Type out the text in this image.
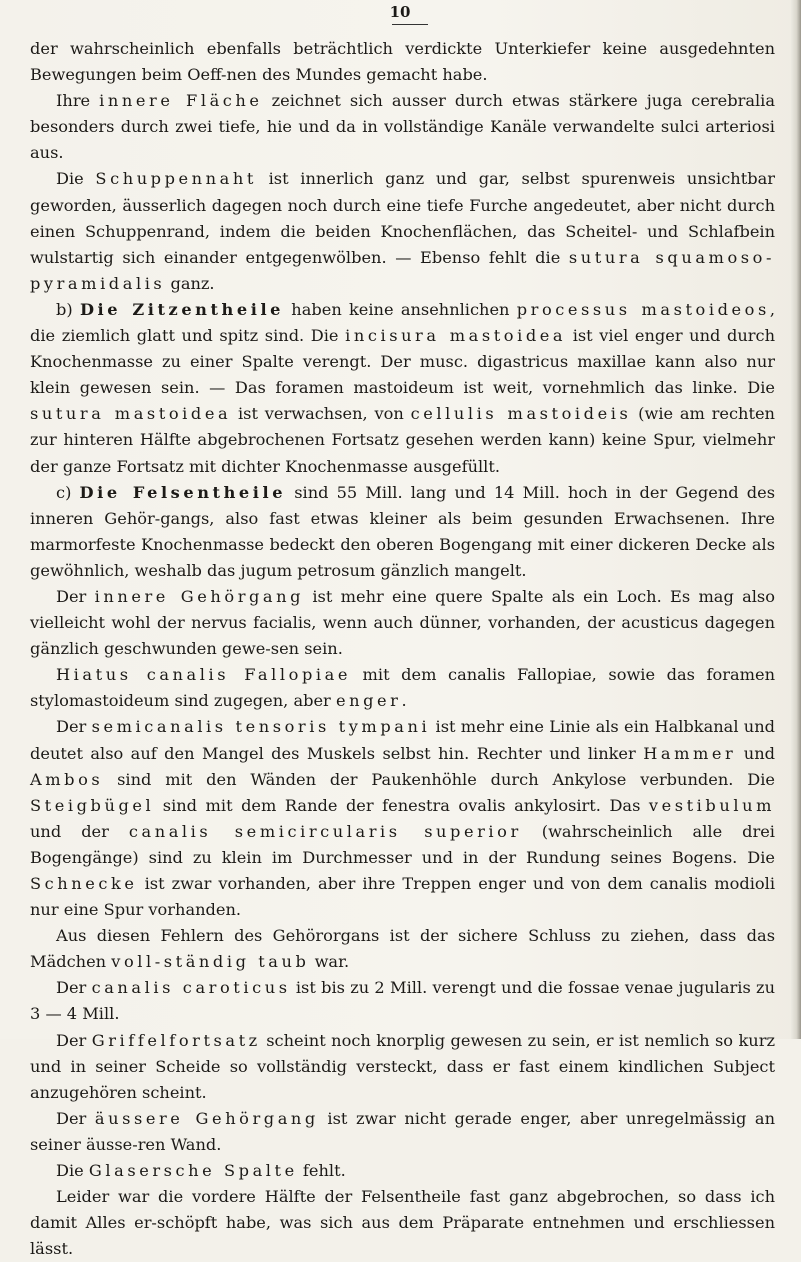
10

der wahrscheinlich ebenfalls beträchtlich verdickte Unterkiefer keine ausgedehnten Bewegungen beim Oeff-nen des Mundes gemacht habe.

Ihre innere Fläche zeichnet sich ausser durch etwas stärkere juga cerebralia besonders durch zwei tiefe, hie und da in vollständige Kanäle verwandelte sulci arteriosi aus.

Die Schuppennaht ist innerlich ganz und gar, selbst spurenweis unsichtbar geworden, äusserlich dagegen noch durch eine tiefe Furche angedeutet, aber nicht durch einen Schuppenrand, indem die beiden Knochenflächen, das Scheitel- und Schlafbein wulstartig sich einander entgegenwölben. — Ebenso fehlt die sutura squamoso-pyramidalis ganz.

b) Die Zitzentheile haben keine ansehnlichen processus mastoideos, die ziemlich glatt und spitz sind. Die incisura mastoidea ist viel enger und durch Knochenmasse zu einer Spalte verengt. Der musc. digastricus maxillae kann also nur klein gewesen sein. — Das foramen mastoideum ist weit, vornehmlich das linke. Die sutura mastoidea ist verwachsen, von cellulis mastoideis (wie am rechten zur hinteren Hälfte abgebrochenen Fortsatz gesehen werden kann) keine Spur, vielmehr der ganze Fortsatz mit dichter Knochenmasse ausgefüllt.

c) Die Felsentheile sind 55 Mill. lang und 14 Mill. hoch in der Gegend des inneren Gehör-gangs, also fast etwas kleiner als beim gesunden Erwachsenen. Ihre marmorfeste Knochenmasse bedeckt den oberen Bogengang mit einer dickeren Decke als gewöhnlich, weshalb das jugum petrosum gänzlich mangelt.

Der innere Gehörgang ist mehr eine quere Spalte als ein Loch. Es mag also vielleicht wohl der nervus facialis, wenn auch dünner, vorhanden, der acusticus dagegen gänzlich geschwunden gewe-sen sein.

Hiatus canalis Fallopiae mit dem canalis Fallopiae, sowie das foramen stylomastoideum sind zugegen, aber enger.

Der semicanalis tensoris tympani ist mehr eine Linie als ein Halbkanal und deutet also auf den Mangel des Muskels selbst hin. Rechter und linker Hammer und Ambos sind mit den Wänden der Paukenhöhle durch Ankylose verbunden. Die Steigbügel sind mit dem Rande der fenestra ovalis ankylosirt. Das vestibulum und der canalis semicircularis superior (wahrscheinlich alle drei Bogengänge) sind zu klein im Durchmesser und in der Rundung seines Bogens. Die Schnecke ist zwar vorhanden, aber ihre Treppen enger und von dem canalis modioli nur eine Spur vorhanden.

Aus diesen Fehlern des Gehörorgans ist der sichere Schluss zu ziehen, dass das Mädchen voll-ständig taub war.

Der canalis caroticus ist bis zu 2 Mill. verengt und die fossae venae jugularis zu 3 — 4 Mill.

Der Griffelfortsatz scheint noch knorplig gewesen zu sein, er ist nemlich so kurz und in seiner Scheide so vollständig versteckt, dass er fast einem kindlichen Subject anzugehören scheint.

Der äussere Gehörgang ist zwar nicht gerade enger, aber unregelmässig an seiner äusse-ren Wand.

Die Glasersche Spalte fehlt.

Leider war die vordere Hälfte der Felsentheile fast ganz abgebrochen, so dass ich damit Alles er-schöpft habe, was sich aus dem Präparate entnehmen und erschliessen lässt.
